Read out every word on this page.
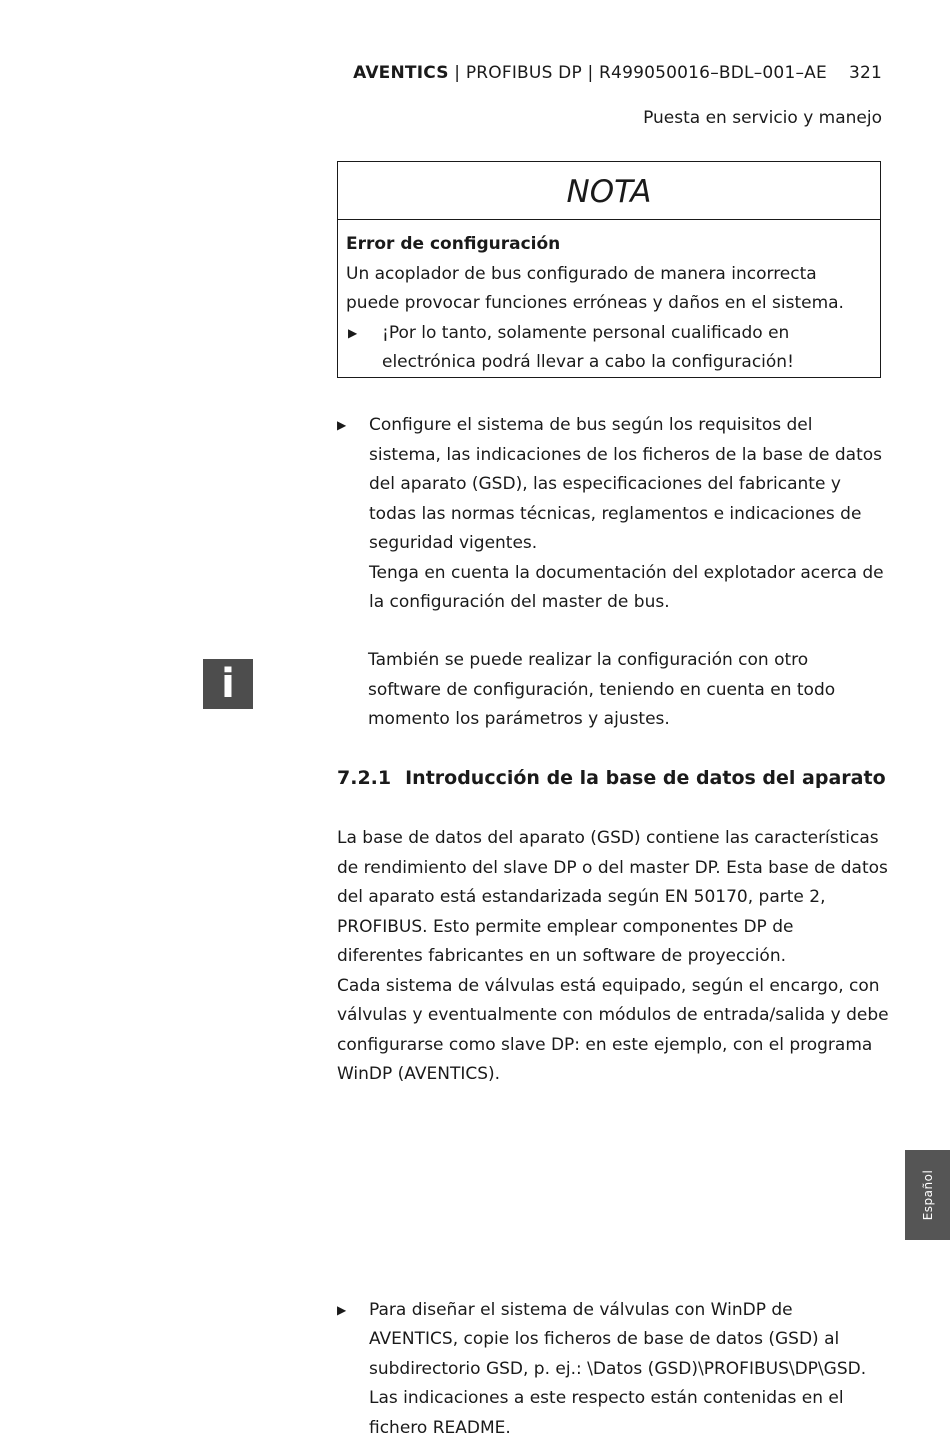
AVENTICS | PROFIBUS DP | R499050016–BDL–001–AE 321
Puesta en servicio y manejo
NOTA
Error de configuración
Un acoplador de bus configurado de manera incorrecta
puede provocar funciones erróneas y daños en el sistema.
▶ ¡Por lo tanto, solamente personal cualificado en
electrónica podrá llevar a cabo la configuración!
▶ Configure el sistema de bus según los requisitos del
sistema, las indicaciones de los ficheros de la base de datos
del aparato (GSD), las especificaciones del fabricante y
todas las normas técnicas, reglamentos e indicaciones de
seguridad vigentes.
Tenga en cuenta la documentación del explotador acerca de
la configuración del master de bus.
i
También se puede realizar la configuración con otro
software de configuración, teniendo en cuenta en todo
momento los parámetros y ajustes.
7.2.1 Introducción de la base de datos del aparato
La base de datos del aparato (GSD) contiene las características
de rendimiento del slave DP o del master DP. Esta base de datos
del aparato está estandarizada según EN 50170, parte 2,
PROFIBUS. Esto permite emplear componentes DP de
diferentes fabricantes en un software de proyección.
Cada sistema de válvulas está equipado, según el encargo, con
válvulas y eventualmente con módulos de entrada/salida y debe
configurarse como slave DP: en este ejemplo, con el programa
WinDP (AVENTICS).
▶ Para diseñar el sistema de válvulas con WinDP de
AVENTICS, copie los ficheros de base de datos (GSD) al
subdirectorio GSD, p. ej.: \Datos (GSD)\PROFIBUS\DP\GSD.
Las indicaciones a este respecto están contenidas en el
fichero README.
Español
